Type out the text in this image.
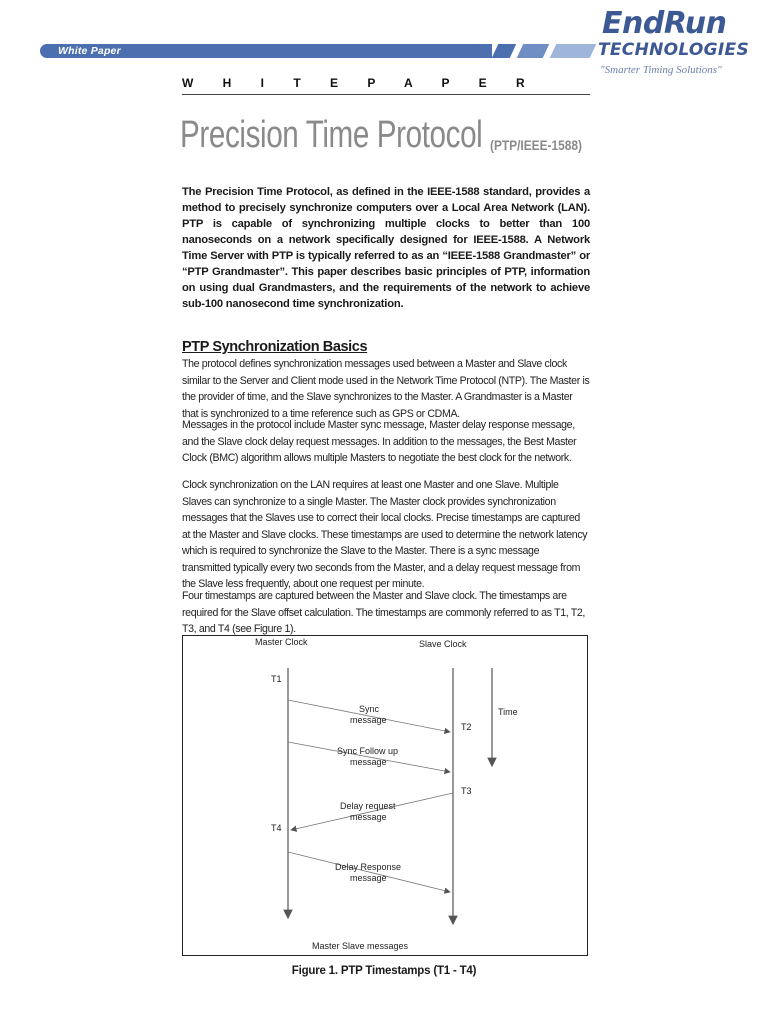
White Paper
EndRun
TECHNOLOGIES
"Smarter Timing Solutions"
W H I T E P A P E R
Precision Time Protocol (PTP/IEEE-1588)
The Precision Time Protocol, as defined in the IEEE-1588 standard, provides a method to precisely synchronize computers over a Local Area Network (LAN). PTP is capable of synchronizing multiple clocks to better than 100 nanoseconds on a network specifically designed for IEEE-1588. A Network Time Server with PTP is typically referred to as an “IEEE-1588 Grandmaster” or “PTP Grandmaster”. This paper describes basic principles of PTP, information on using dual Grandmasters, and the requirements of the network to achieve sub-100 nanosecond time synchronization.
PTP Synchronization Basics
The protocol defines synchronization messages used between a Master and Slave clock similar to the Server and Client mode used in the Network Time Protocol (NTP). The Master is the provider of time, and the Slave synchronizes to the Master. A Grandmaster is a Master that is synchronized to a time reference such as GPS or CDMA.
Messages in the protocol include Master sync message, Master delay response message, and the Slave clock delay request messages. In addition to the messages, the Best Master Clock (BMC) algorithm allows multiple Masters to negotiate the best clock for the network.
Clock synchronization on the LAN requires at least one Master and one Slave. Multiple Slaves can synchronize to a single Master. The Master clock provides synchronization messages that the Slaves use to correct their local clocks. Precise timestamps are captured at the Master and Slave clocks. These timestamps are used to determine the network latency which is required to synchronize the Slave to the Master. There is a sync message transmitted typically every two seconds from the Master, and a delay request message from the Slave less frequently, about one request per minute.
Four timestamps are captured between the Master and Slave clock. The timestamps are required for the Slave offset calculation. The timestamps are commonly referred to as T1, T2, T3, and T4 (see Figure 1).
Master Clock	Slave Clock
Time
T1
T2
T3
T4
Sync
message
Sync Follow up
message
Delay request
message
Delay Response
message
Master Slave messages
Figure 1. PTP Timestamps (T1 - T4)
